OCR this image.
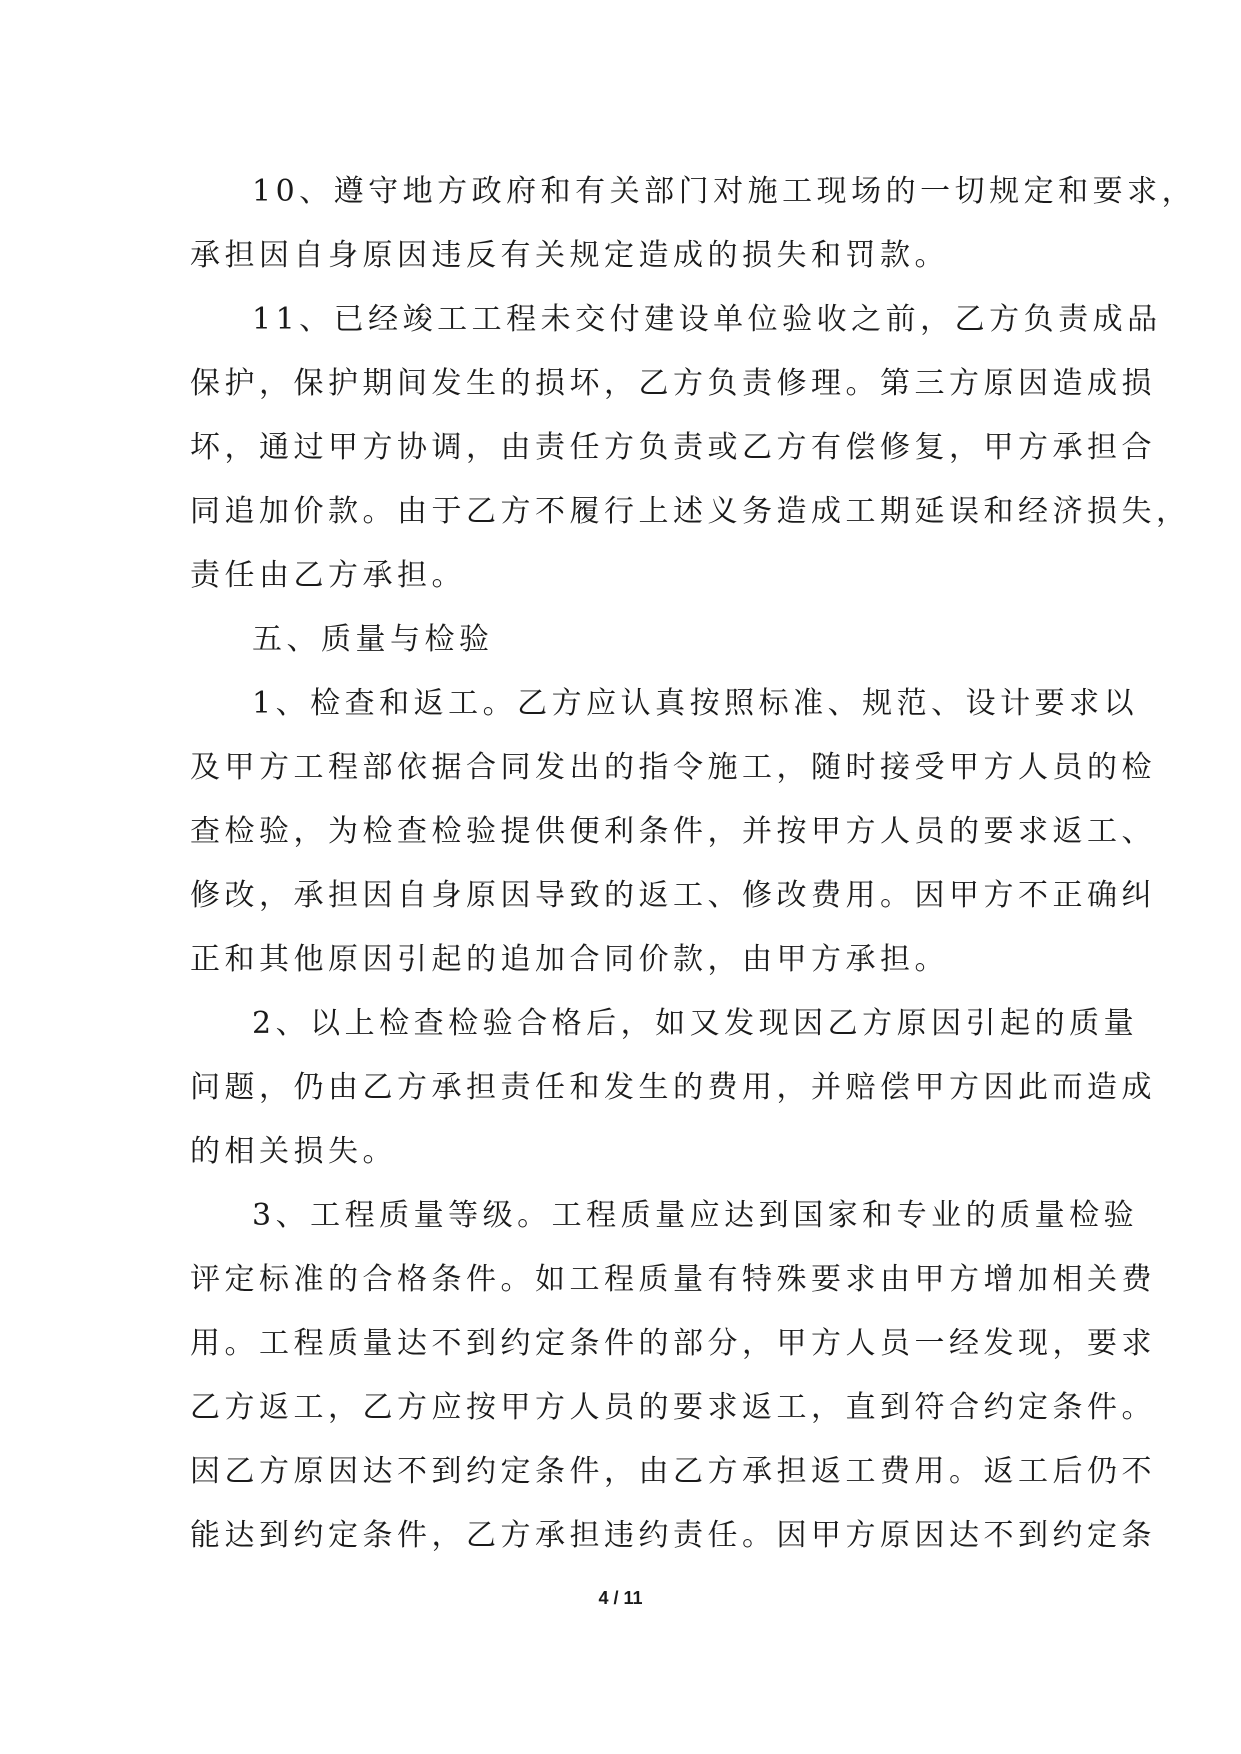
10、遵守地方政府和有关部门对施工现场的一切规定和要求，
承担因自身原因违反有关规定造成的损失和罚款。
11、已经竣工工程未交付建设单位验收之前，乙方负责成品
保护，保护期间发生的损坏，乙方负责修理。第三方原因造成损
坏，通过甲方协调，由责任方负责或乙方有偿修复，甲方承担合
同追加价款。由于乙方不履行上述义务造成工期延误和经济损失，
责任由乙方承担。
五、质量与检验
1、检查和返工。乙方应认真按照标准、规范、设计要求以
及甲方工程部依据合同发出的指令施工，随时接受甲方人员的检
查检验，为检查检验提供便利条件，并按甲方人员的要求返工、
修改，承担因自身原因导致的返工、修改费用。因甲方不正确纠
正和其他原因引起的追加合同价款，由甲方承担。
2、以上检查检验合格后，如又发现因乙方原因引起的质量
问题，仍由乙方承担责任和发生的费用，并赔偿甲方因此而造成
的相关损失。
3、工程质量等级。工程质量应达到国家和专业的质量检验
评定标准的合格条件。如工程质量有特殊要求由甲方增加相关费
用。工程质量达不到约定条件的部分，甲方人员一经发现，要求
乙方返工，乙方应按甲方人员的要求返工，直到符合约定条件。
因乙方原因达不到约定条件，由乙方承担返工费用。返工后仍不
能达到约定条件，乙方承担违约责任。因甲方原因达不到约定条
4 / 11
